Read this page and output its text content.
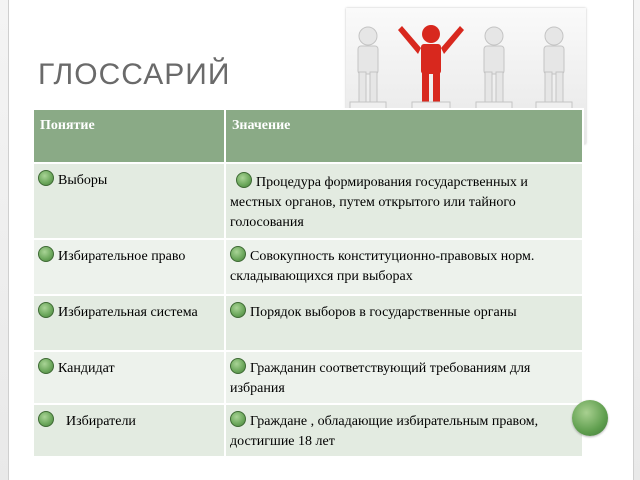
ГЛОССАРИЙ
Понятие	Значение

Выборы	Процедура формирования государственных и местных органов, путем открытого или тайного голосования

Избирательное право	Совокупность конституционно-правовых норм. складывающихся при выборах

Избирательная система	Порядок выборов в государственные органы

Кандидат	Гражданин соответствующий требованиям для избрания

Избиратели	Граждане , обладающие избирательным правом, достигшие 18 лет
